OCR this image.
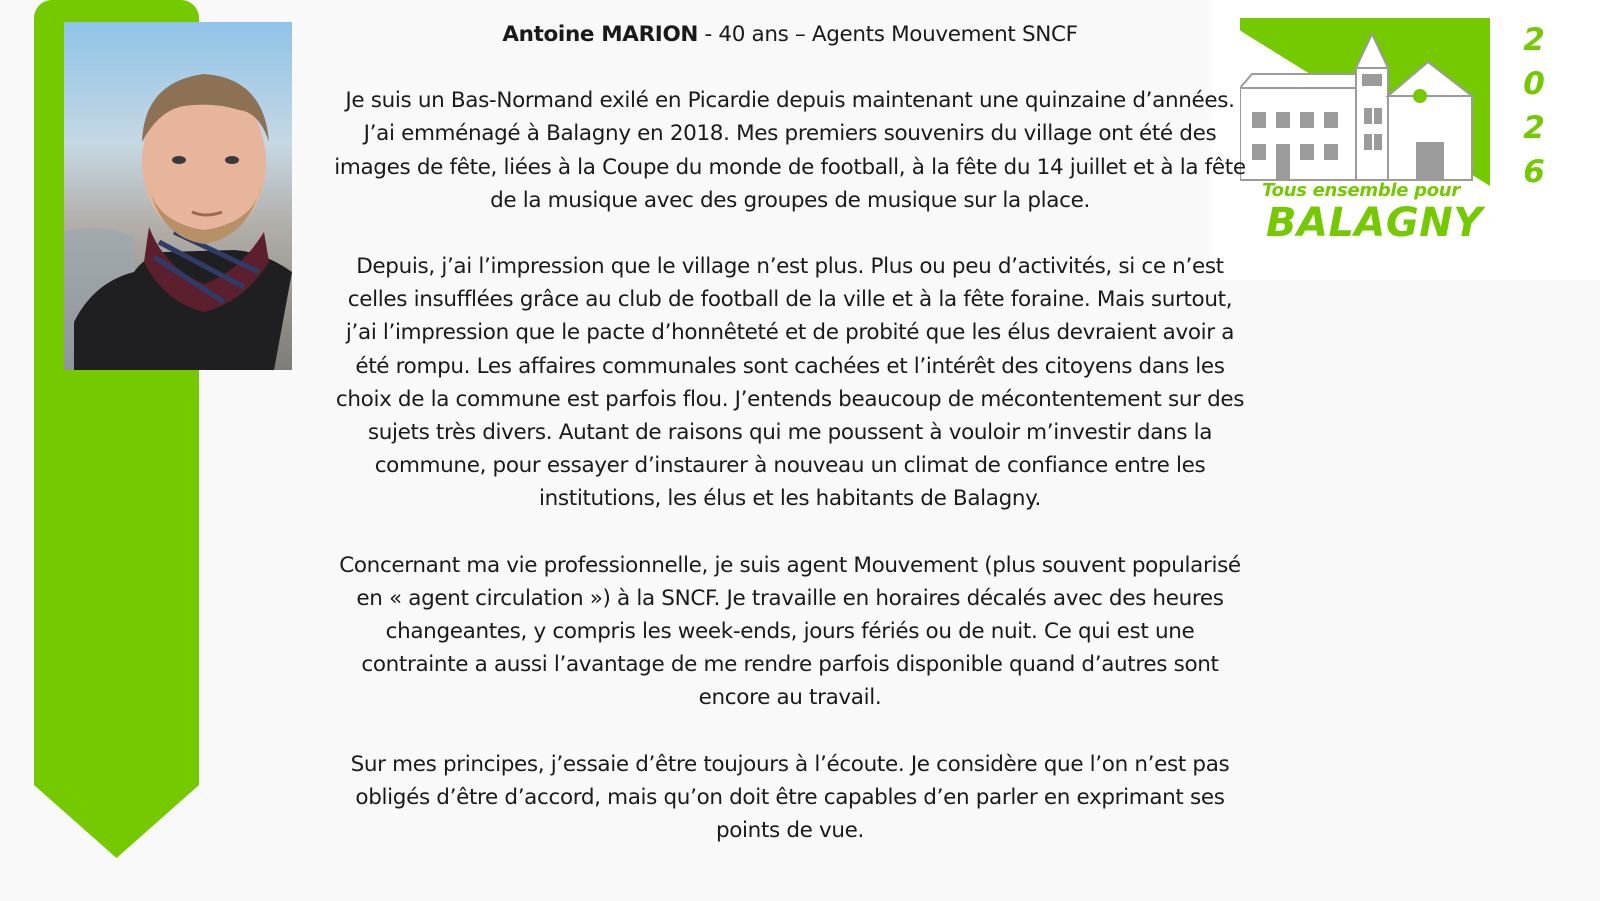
2
0
2
6
Tous ensemble pour
BALAGNY

Antoine MARION - 40 ans – Agents Mouvement SNCF

Je suis un Bas-Normand exilé en Picardie depuis maintenant une quinzaine d’années. J’ai emménagé à Balagny en 2018. Mes premiers souvenirs du village ont été des images de fête, liées à la Coupe du monde de football, à la fête du 14 juillet et à la fête de la musique avec des groupes de musique sur la place.

Depuis, j’ai l’impression que le village n’est plus. Plus ou peu d’activités, si ce n’est celles insufflées grâce au club de football de la ville et à la fête foraine. Mais surtout, j’ai l’impression que le pacte d’honnêteté et de probité que les élus devraient avoir a été rompu. Les affaires communales sont cachées et l’intérêt des citoyens dans les choix de la commune est parfois flou. J’entends beaucoup de mécontentement sur des sujets très divers. Autant de raisons qui me poussent à vouloir m’investir dans la commune, pour essayer d’instaurer à nouveau un climat de confiance entre les institutions, les élus et les habitants de Balagny.

Concernant ma vie professionnelle, je suis agent Mouvement (plus souvent popularisé en « agent circulation ») à la SNCF. Je travaille en horaires décalés avec des heures changeantes, y compris les week-ends, jours fériés ou de nuit. Ce qui est une contrainte a aussi l’avantage de me rendre parfois disponible quand d’autres sont encore au travail.

Sur mes principes, j’essaie d’être toujours à l’écoute. Je considère que l’on n’est pas obligés d’être d’accord, mais qu’on doit être capables d’en parler en exprimant ses points de vue.
